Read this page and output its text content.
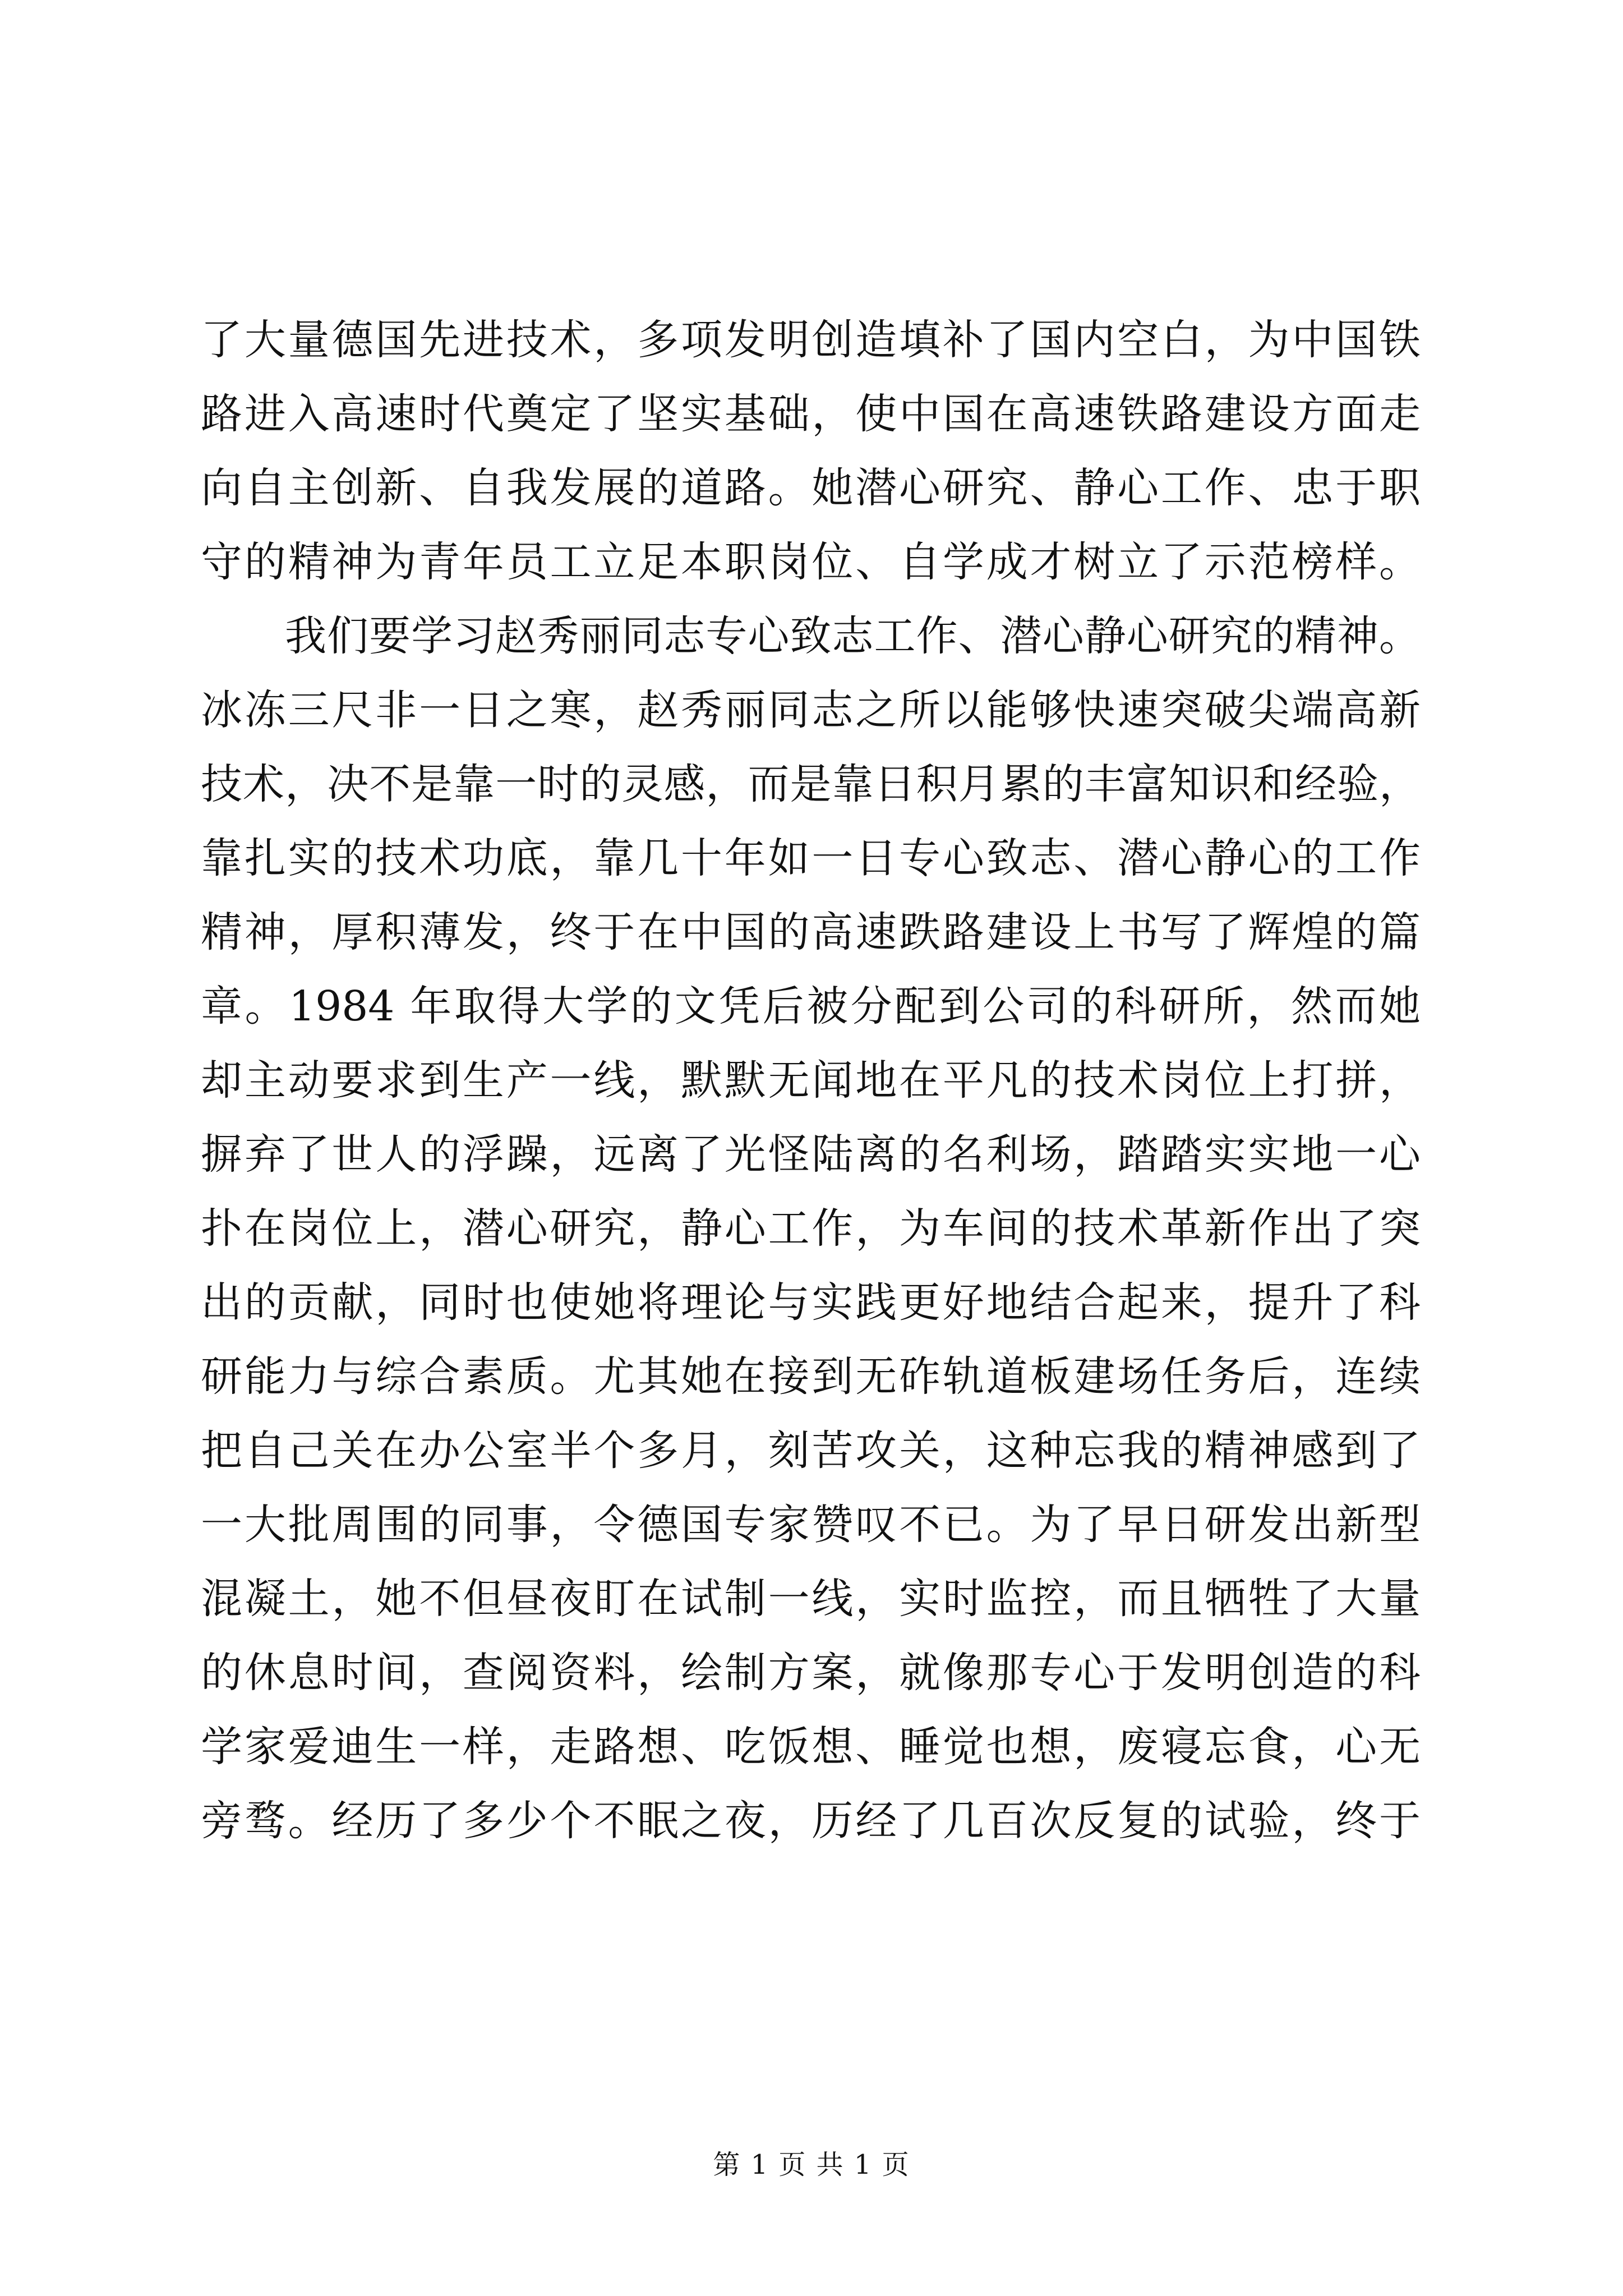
了大量德国先进技术，多项发明创造填补了国内空白，为中国铁
路进入高速时代奠定了坚实基础，使中国在高速铁路建设方面走
向自主创新、自我发展的道路。她潜心研究、静心工作、忠于职
守的精神为青年员工立足本职岗位、自学成才树立了示范榜样。
我们要学习赵秀丽同志专心致志工作、潜心静心研究的精神。
冰冻三尺非一日之寒，赵秀丽同志之所以能够快速突破尖端高新
技术，决不是靠一时的灵感，而是靠日积月累的丰富知识和经验，
靠扎实的技术功底，靠几十年如一日专心致志、潜心静心的工作
精神，厚积薄发，终于在中国的高速跌路建设上书写了辉煌的篇
章。1984 年取得大学的文凭后被分配到公司的科研所，然而她
却主动要求到生产一线，默默无闻地在平凡的技术岗位上打拼，
摒弃了世人的浮躁，远离了光怪陆离的名利场，踏踏实实地一心
扑在岗位上，潜心研究，静心工作，为车间的技术革新作出了突
出的贡献，同时也使她将理论与实践更好地结合起来，提升了科
研能力与综合素质。尤其她在接到无砟轨道板建场任务后，连续
把自己关在办公室半个多月，刻苦攻关，这种忘我的精神感到了
一大批周围的同事，令德国专家赞叹不已。为了早日研发出新型
混凝土，她不但昼夜盯在试制一线，实时监控，而且牺牲了大量
的休息时间，查阅资料，绘制方案，就像那专心于发明创造的科
学家爱迪生一样，走路想、吃饭想、睡觉也想，废寝忘食，心无
旁骛。经历了多少个不眠之夜，历经了几百次反复的试验，终于
第 1 页 共 1 页
